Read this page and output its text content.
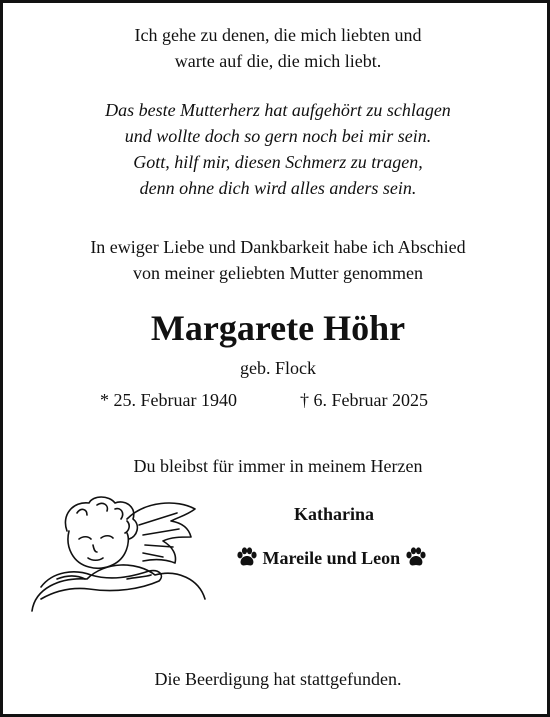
Ich gehe zu denen, die mich liebten und
warte auf die, die mich liebt.
Das beste Mutterherz hat aufgehört zu schlagen
und wollte doch so gern noch bei mir sein.
Gott, hilf mir, diesen Schmerz zu tragen,
denn ohne dich wird alles anders sein.
In ewiger Liebe und Dankbarkeit habe ich Abschied
von meiner geliebten Mutter genommen
Margarete Höhr
geb. Flock
* 25. Februar 1940	† 6. Februar 2025
Du bleibst für immer in meinem Herzen
Katharina
Mareile und Leon
Die Beerdigung hat stattgefunden.
